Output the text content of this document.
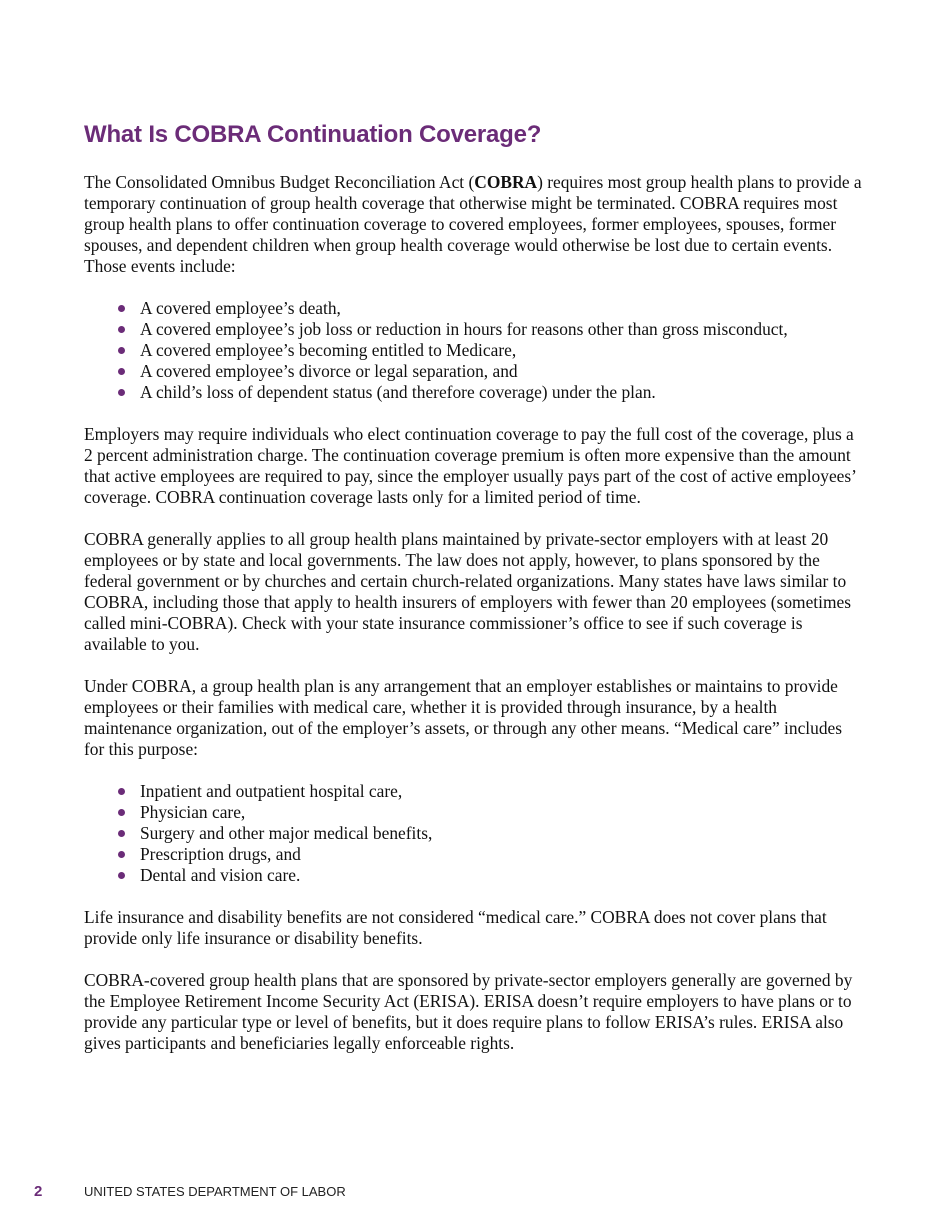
What Is COBRA Continuation Coverage?

The Consolidated Omnibus Budget Reconciliation Act (COBRA) requires most group health plans to provide a temporary continuation of group health coverage that otherwise might be terminated. COBRA requires most group health plans to offer continuation coverage to covered employees, former employees, spouses, former spouses, and dependent children when group health coverage would otherwise be lost due to certain events. Those events include:

A covered employee’s death,
A covered employee’s job loss or reduction in hours for reasons other than gross misconduct,
A covered employee’s becoming entitled to Medicare,
A covered employee’s divorce or legal separation, and
A child’s loss of dependent status (and therefore coverage) under the plan.

Employers may require individuals who elect continuation coverage to pay the full cost of the coverage, plus a 2 percent administration charge. The continuation coverage premium is often more expensive than the amount that active employees are required to pay, since the employer usually pays part of the cost of active employees’ coverage. COBRA continuation coverage lasts only for a limited period of time.

COBRA generally applies to all group health plans maintained by private-sector employers with at least 20 employees or by state and local governments. The law does not apply, however, to plans sponsored by the federal government or by churches and certain church-related organizations. Many states have laws similar to COBRA, including those that apply to health insurers of employers with fewer than 20 employees (sometimes called mini-COBRA). Check with your state insurance commissioner’s office to see if such coverage is available to you.

Under COBRA, a group health plan is any arrangement that an employer establishes or maintains to provide employees or their families with medical care, whether it is provided through insurance, by a health maintenance organization, out of the employer’s assets, or through any other means. “Medical care” includes for this purpose:

Inpatient and outpatient hospital care,
Physician care,
Surgery and other major medical benefits,
Prescription drugs, and
Dental and vision care.

Life insurance and disability benefits are not considered “medical care.” COBRA does not cover plans that provide only life insurance or disability benefits.

COBRA-covered group health plans that are sponsored by private-sector employers generally are governed by the Employee Retirement Income Security Act (ERISA). ERISA doesn’t require employers to have plans or to provide any particular type or level of benefits, but it does require plans to follow ERISA’s rules. ERISA also gives participants and beneficiaries legally enforceable rights.

2	UNITED STATES DEPARTMENT OF LABOR
